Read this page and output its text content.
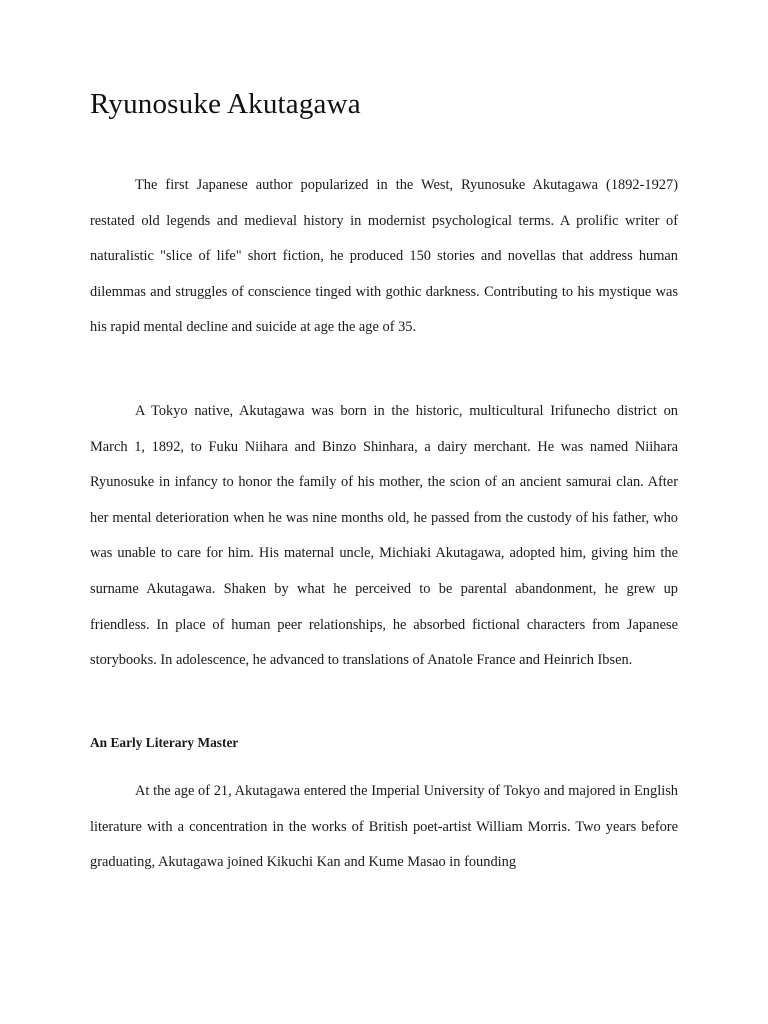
Ryunosuke Akutagawa

The first Japanese author popularized in the West, Ryunosuke Akutagawa (1892-1927) restated old legends and medieval history in modernist psychological terms. A prolific writer of naturalistic "slice of life" short fiction, he produced 150 stories and novellas that address human dilemmas and struggles of conscience tinged with gothic darkness. Contributing to his mystique was his rapid mental decline and suicide at age the age of 35.

A Tokyo native, Akutagawa was born in the historic, multicultural Irifunecho district on March 1, 1892, to Fuku Niihara and Binzo Shinhara, a dairy merchant. He was named Niihara Ryunosuke in infancy to honor the family of his mother, the scion of an ancient samurai clan. After her mental deterioration when he was nine months old, he passed from the custody of his father, who was unable to care for him. His maternal uncle, Michiaki Akutagawa, adopted him, giving him the surname Akutagawa. Shaken by what he perceived to be parental abandonment, he grew up friendless. In place of human peer relationships, he absorbed fictional characters from Japanese storybooks. In adolescence, he advanced to translations of Anatole France and Heinrich Ibsen.

An Early Literary Master

At the age of 21, Akutagawa entered the Imperial University of Tokyo and majored in English literature with a concentration in the works of British poet-artist William Morris. Two years before graduating, Akutagawa joined Kikuchi Kan and Kume Masao in founding
